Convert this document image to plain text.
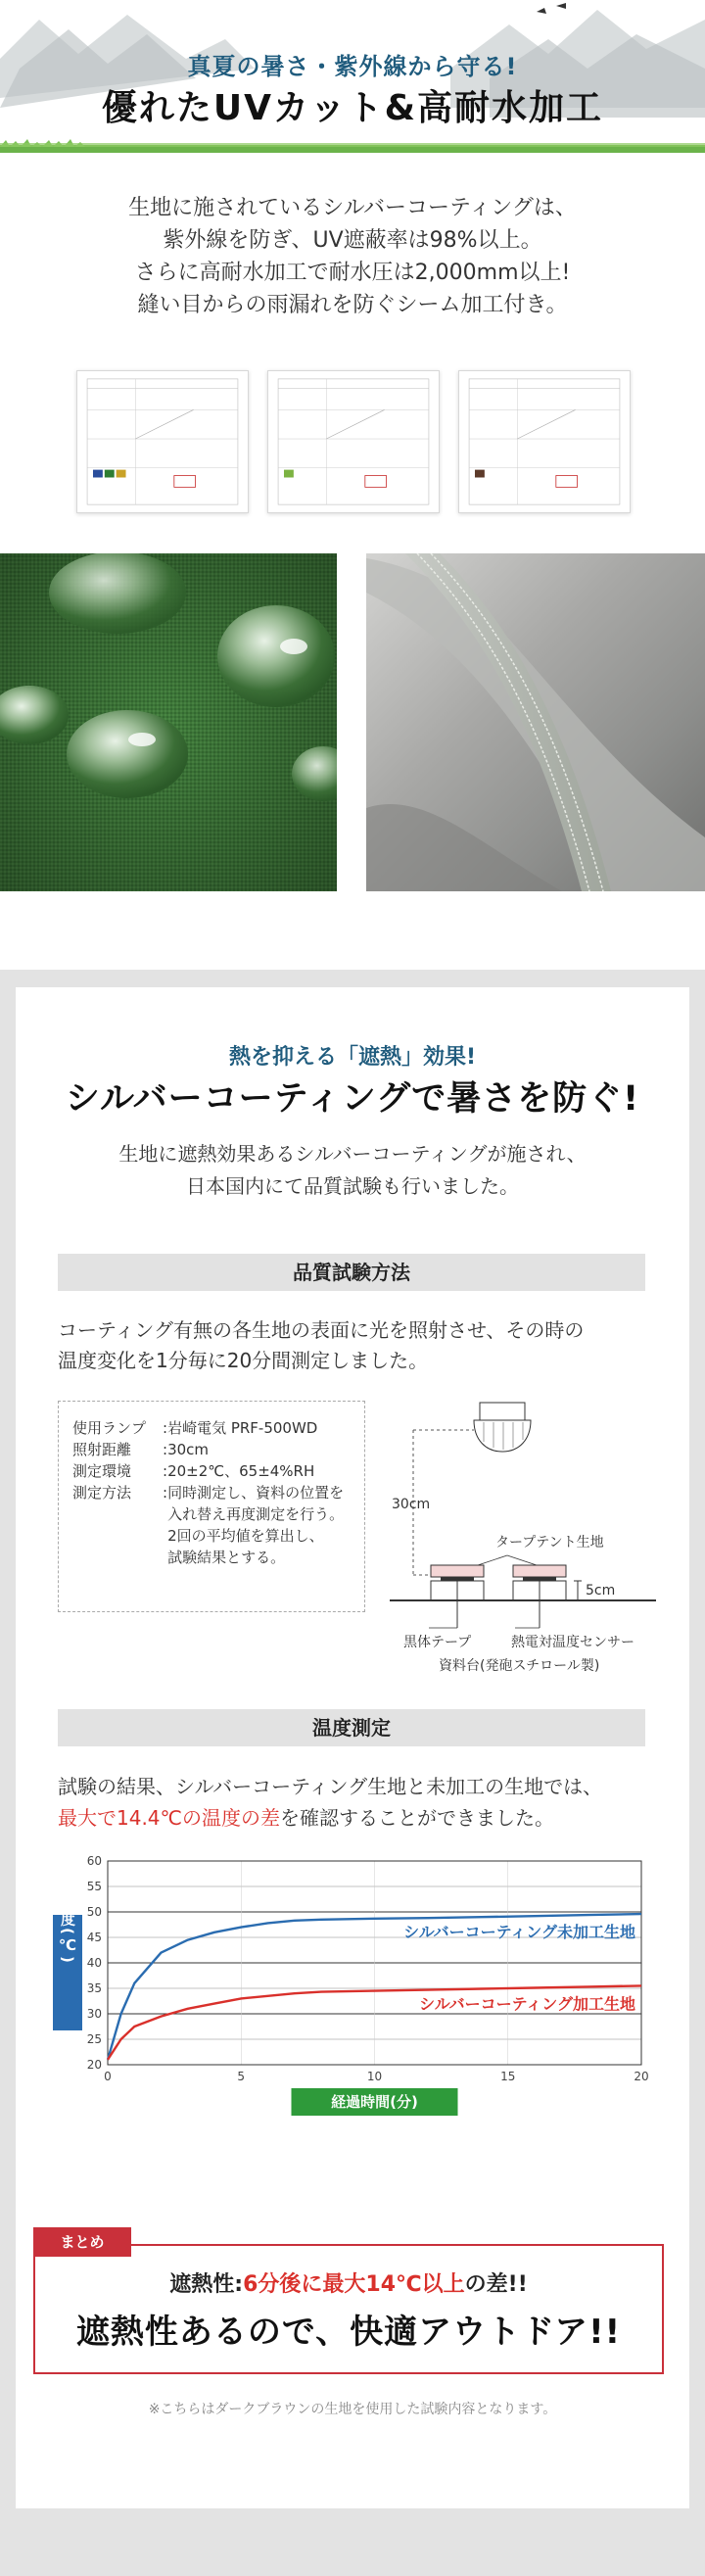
真夏の暑さ・紫外線から守る!
優れたUVカット&高耐水加工
生地に施されているシルバーコーティングは、
紫外線を防ぎ、UV遮蔽率は98%以上。
さらに高耐水加工で耐水圧は2,000mm以上!
縫い目からの雨漏れを防ぐシーム加工付き。
熱を抑える「遮熱」効果!
シルバーコーティングで暑さを防ぐ!
生地に遮熱効果あるシルバーコーティングが施され、
日本国内にて品質試験も行いました。
品質試験方法
コーティング有無の各生地の表面に光を照射させ、その時の
温度変化を1分毎に20分間測定しました。
使用ランプ	: 岩崎電気 PRF-500WD
照射距離	: 30cm
測定環境	: 20±2℃、65±4%RH
測定方法	: 同時測定し、資料の位置を
入れ替え再度測定を行う。
2回の平均値を算出し、
試験結果とする。
30cm
タープテント生地
5cm
黒体テープ	熱電対温度センサー
資料台(発砲スチロール製)
温度測定
試験の結果、シルバーコーティング生地と未加工の生地では、
最大で14.4℃の温度の差を確認することができました。
20
25
30
35
40
45
50
55
60
0	5	10	15	20
温度(℃)
経過時間(分)
シルバーコーティング未加工生地
シルバーコーティング加工生地
まとめ
遮熱性:6分後に最大14℃以上の差!!
遮熱性あるので、快適アウトドア!!
※こちらはダークブラウンの生地を使用した試験内容となります。
